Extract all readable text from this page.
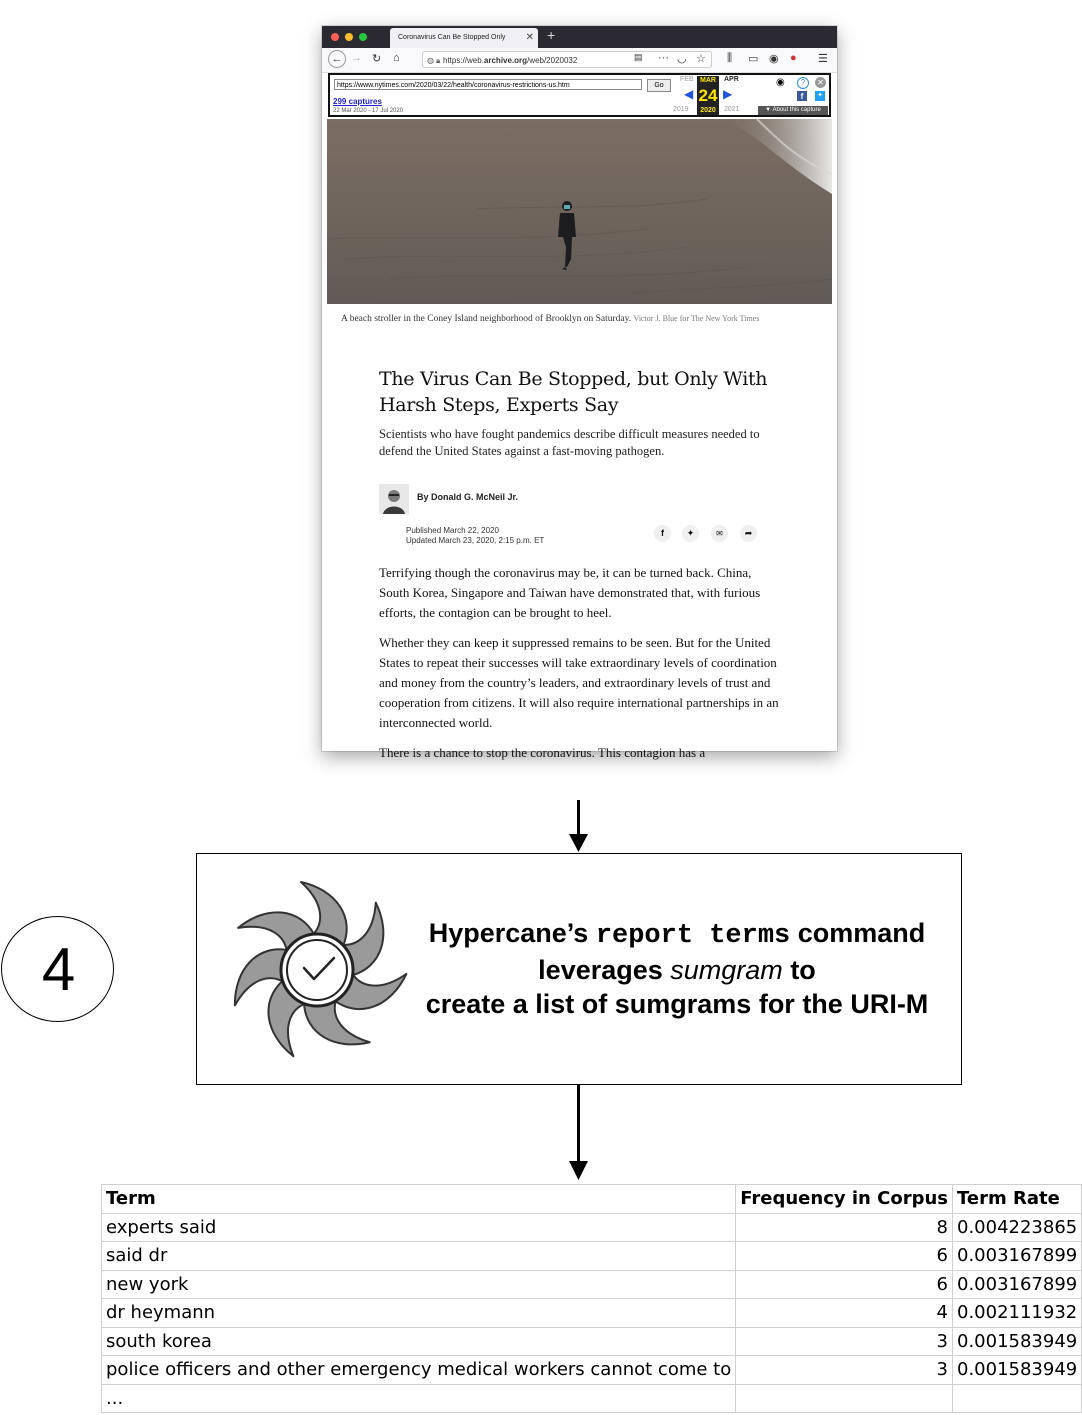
Coronavirus Can Be Stopped Only ✕ +
← → ↻ ⌂	◍ 🔒︎ https://web.archive.org/web/2020032	▤ ··· ◡ ☆ ⫼ ▭ ◉ ● ☰
https://www.nytimes.com/2020/03/22/health/coronavirus-restrictions-us.htm	Go
299 captures
22 Mar 2020 - 17 Jul 2020
FEB MAR	APR
◀ 24 ▶
2019	2020	2021
◉	?	✕
f	✦
▼ About this capture
A beach stroller in the Coney Island neighborhood of Brooklyn on Saturday. Victor J. Blue for The New York Times
The Virus Can Be Stopped, but Only With Harsh Steps, Experts Say
Scientists who have fought pandemics describe difficult measures needed to defend the United States against a fast-moving pathogen.
By Donald G. McNeil Jr.
Published March 22, 2020
Updated March 23, 2020, 2:15 p.m. ET
f	✦	✉	➦
Terrifying though the coronavirus may be, it can be turned back. China, South Korea, Singapore and Taiwan have demonstrated that, with furious efforts, the contagion can be brought to heel.
Whether they can keep it suppressed remains to be seen. But for the United States to repeat their successes will take extraordinary levels of coordination and money from the country’s leaders, and extraordinary levels of trust and cooperation from citizens. It will also require international partnerships in an interconnected world.
There is a chance to stop the coronavirus. This contagion has a
4
Hypercane’s report terms command
leverages sumgram to
create a list of sumgrams for the URI-M
Term	Frequency in Corpus	Term Rate
experts said	8	0.004223865
said dr	6	0.003167899
new york	6	0.003167899
dr heymann	4	0.002111932
south korea	3	0.001583949
police officers and other emergency medical workers cannot come to	3	0.001583949
...		
